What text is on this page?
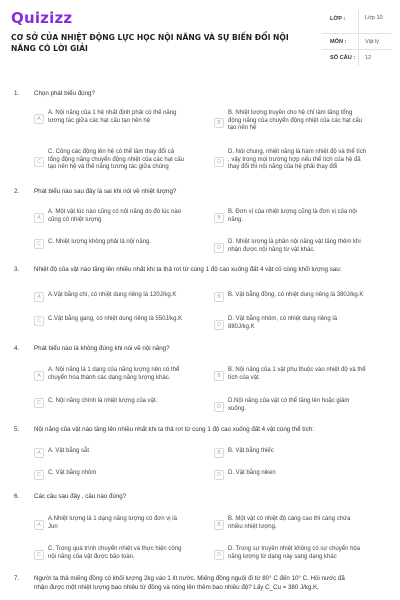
Quizizz
CƠ SỞ CỦA NHIỆT ĐỘNG LỰC HỌC NỘI NĂNG VÀ SỰ BIẾN ĐỔI NỘI NĂNG CÓ LỜI GIẢI
LỚP :	Lớp 10
MÔN :	Vật lý
SỐ CÂU : 12
1. Chọn phát biểu đúng?
2. Phát biểu nào sau đây là sai khi nói về nhiệt lượng?
3. Nhiệt độ của vật nào tăng lên nhiều nhất khi ta thả rơi từ cùng 1 độ cao xuống đất 4 vật có cùng khối lượng sau:
4. Phát biểu nào là không đúng khi nói về nội năng?
5. Nội năng của vật nào tăng lên nhiều nhất khi ta thả rơi từ cùng 1 độ cao xuống đất 4 vật cùng thể tích:
6. Các câu sau đây , câu nào đúng?
7. Người ta thả miếng đồng có khối lượng 2kg vào 1 lít nước. Miếng đồng nguội đi từ 80° C đến 10° C. Hỏi nước đã
nhận được một nhiệt lượng bao nhiêu từ đồng và nóng lên thêm bao nhiêu độ? Lấy C_Cu = 380 J/kg.K,
A
A. Nội năng của 1 hệ nhất định phải có thế năng
tương tác giữa các hạt cấu tạo nên hệ	B
B. Nhiệt lượng truyền cho hệ chỉ làm tăng tổng
động năng của chuyển động nhiệt của các hạt cấu
tạo nên hệ
C
C. Công các động lên hệ có thể làm thay đổi cả
tổng động năng chuyển động nhiệt của các hạt cấu
tạo nên hệ và thế năng tương tác giữa chúng
D
D. Nói chung, nhiệt năng là hàm nhiệt độ và thể tích
, vậy trong mọi trường hợp nếu thể tích của hệ đã
thay đổi thì nội năng của hệ phải thay đổi
A
A. Một vật lúc nào cũng có nội năng do đó lúc nào
cũng có nhiệt lượng	B
B. Đơn vị của nhiệt lượng cũng là đơn vị của nội
năng.
C	C. Nhiệt lượng không phải là nội năng.
D
D. Nhiệt lượng là phần nội năng vật tăng thêm khi
nhận được nội năng từ vật khác.
A	A.Vật bằng chì, có nhiệt dung riêng là 120J/kg.K	B	B. Vật bằng đồng, có nhiệt dung riêng là 380J/kg.K
C	C.Vật bằng gang, có nhiệt dung riêng là 550J/kg.K
D
D. Vật bằng nhôm, có nhiệt dung riêng là
880J/kg.K
A
A. Nội năng là 1 dạng của năng lượng nên có thể
chuyển hóa thành các dạng năng lượng khác.	B
B. Nội năng của 1 vật phụ thuộc vào nhiệt độ và thể
tích của vật.
C	C. Nội năng chính là nhiệt lượng của vật.
D
D.Nội năng của vật có thể tăng lên hoặc giảm
xuống.
A	A. Vật bằng sắt	B	B. Vật bằng thiếc
C	C. Vật bằng nhôm	D	D. Vật bằng niken
A
A.Nhiệt lượng là 1 dạng năng lượng có đơn vị là
Jun	B
B. Một vật có nhiệt độ càng cao thì càng chứa
nhiều nhiệt lượng.
C
C. Trong quá trình chuyển nhiệt và thực hiện công
nội năng của vật được bảo toàn.	D
D. Trong sự truyền nhiệt không có sự chuyển hóa
năng lượng từ dạng này sang dạng khác
